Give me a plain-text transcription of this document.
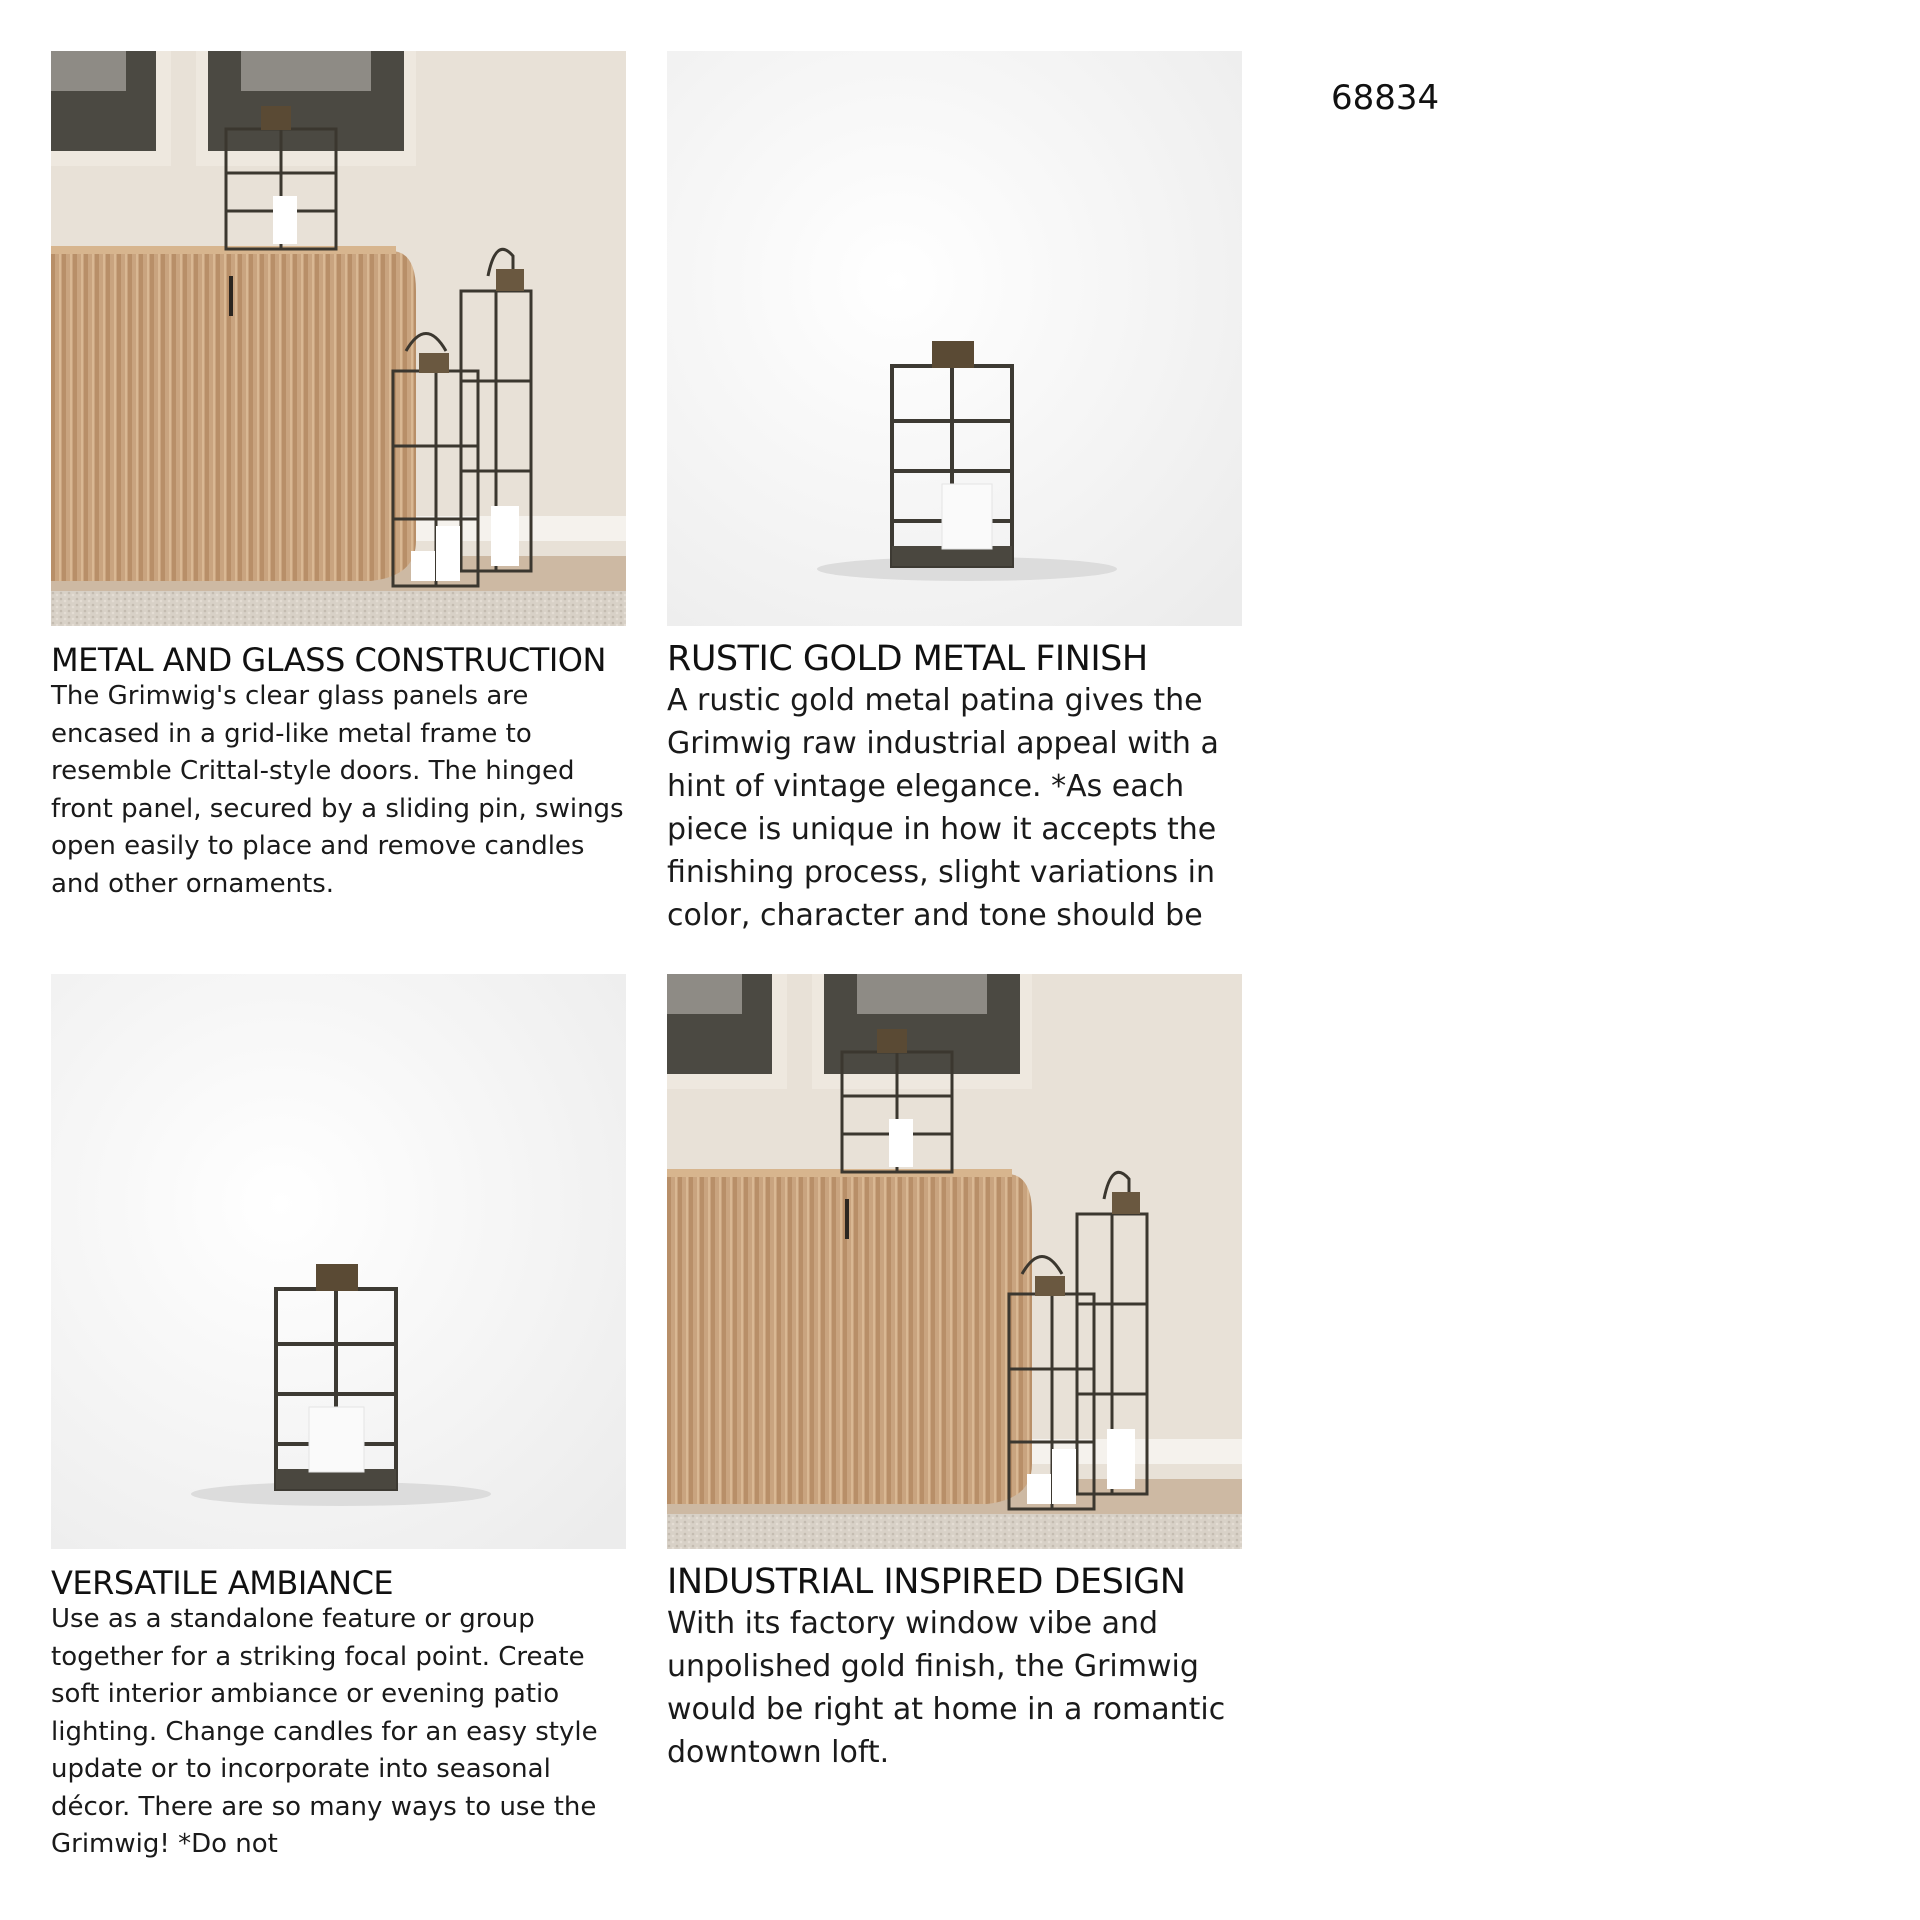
68834
METAL AND GLASS CONSTRUCTION

The Grimwig's clear glass panels are encased in a grid-like metal frame to resemble Crittal-style doors. The hinged front panel, secured by a sliding pin, swings open easily to place and remove candles and other ornaments.

RUSTIC GOLD METAL FINISH

A rustic gold metal patina gives the Grimwig raw industrial appeal with a hint of vintage elegance. *As each piece is unique in how it accepts the finishing process, slight variations in color, character and tone should be

VERSATILE AMBIANCE

Use as a standalone feature or group together for a striking focal point. Create soft interior ambiance or evening patio lighting. Change candles for an easy style update or to incorporate into seasonal décor. There are so many ways to use the Grimwig! *Do not

INDUSTRIAL INSPIRED DESIGN

With its factory window vibe and unpolished gold finish, the Grimwig would be right at home in a romantic downtown loft.
